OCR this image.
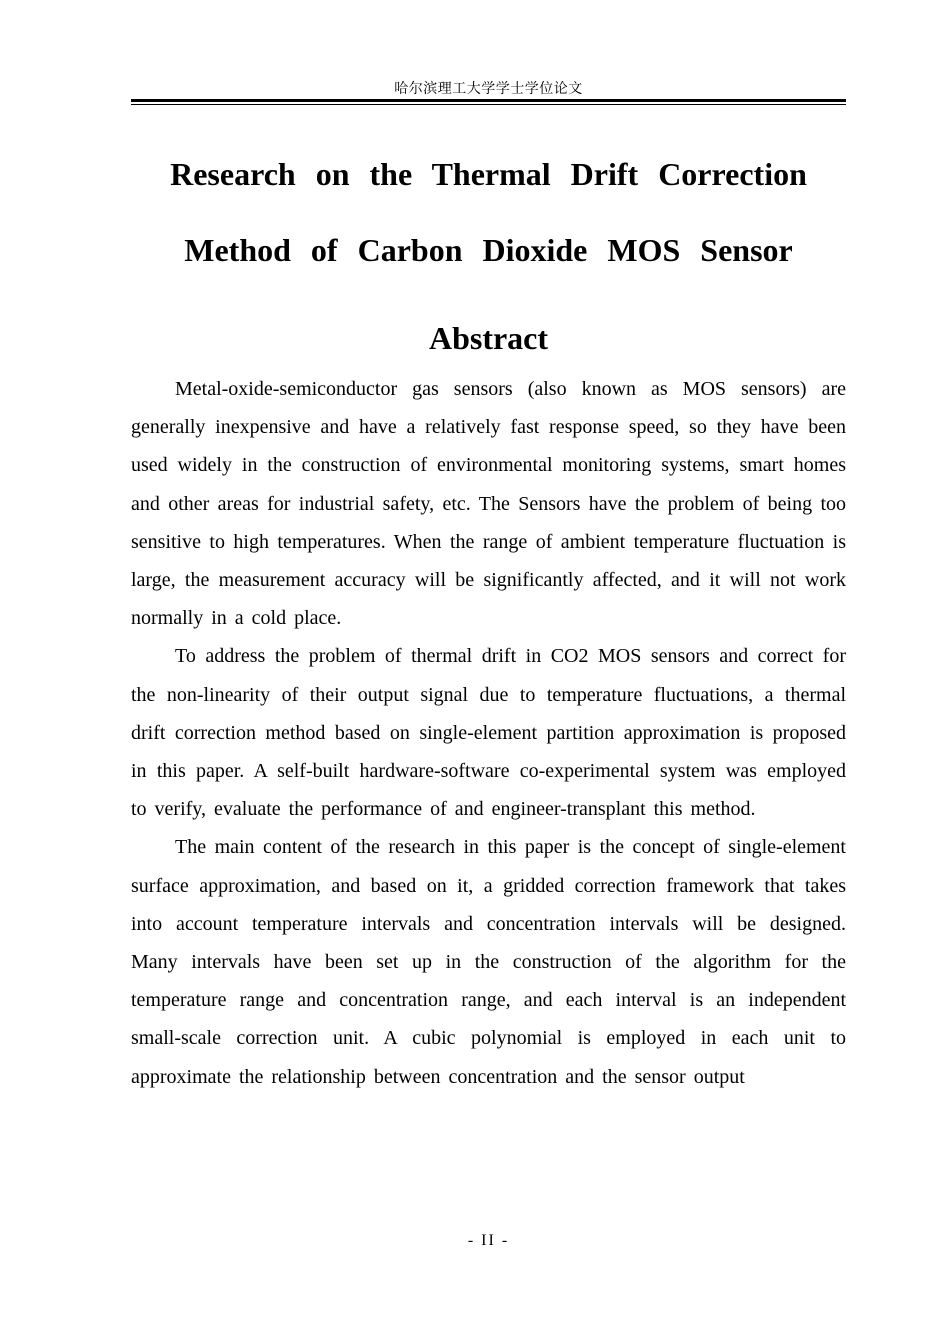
哈尔滨理工大学学士学位论文
Research on the Thermal Drift Correction
Method of Carbon Dioxide MOS Sensor
Abstract

Metal-oxide-semiconductor gas sensors (also known as MOS sensors) are generally inexpensive and have a relatively fast response speed, so they have been used widely in the construction of environmental monitoring systems, smart homes and other areas for industrial safety, etc. The Sensors have the problem of being too sensitive to high temperatures. When the range of ambient temperature fluctuation is large, the measurement accuracy will be significantly affected, and it will not work normally in a cold place.

To address the problem of thermal drift in CO2 MOS sensors and correct for the non-linearity of their output signal due to temperature fluctuations, a thermal drift correction method based on single-element partition approximation is proposed in this paper. A self-built hardware-software co-experimental system was employed to verify, evaluate the performance of and engineer-transplant this method.

The main content of the research in this paper is the concept of single-element surface approximation, and based on it, a gridded correction framework that takes into account temperature intervals and concentration intervals will be designed. Many intervals have been set up in the construction of the algorithm for the temperature range and concentration range, and each interval is an independent small-scale correction unit. A cubic polynomial is employed in each unit to approximate the relationship between concentration and the sensor output

- II -
